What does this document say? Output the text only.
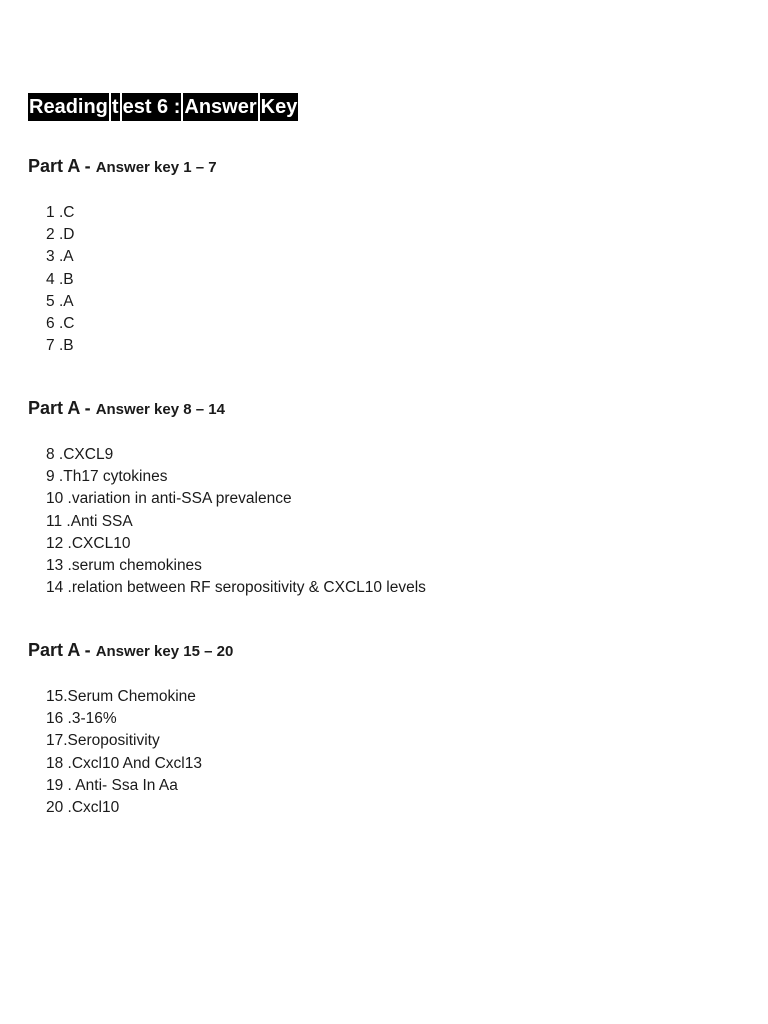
Reading t est 6 : Answer Key
Part A - Answer key 1 – 7
1 .C
2 .D
3 .A
4 .B
5 .A
6 .C
7 .B
Part A - Answer key 8 – 14
8 .CXCL9
9 .Th17 cytokines
10 .variation in anti-SSA prevalence
11 .Anti SSA
12 .CXCL10
13 .serum chemokines
14 .relation between RF seropositivity & CXCL10 levels
Part A - Answer key 15 – 20
15.Serum Chemokine
16 .3-16%
17.Seropositivity
18 .Cxcl10 And Cxcl13
19 . Anti- Ssa In Aa
20 .Cxcl10
